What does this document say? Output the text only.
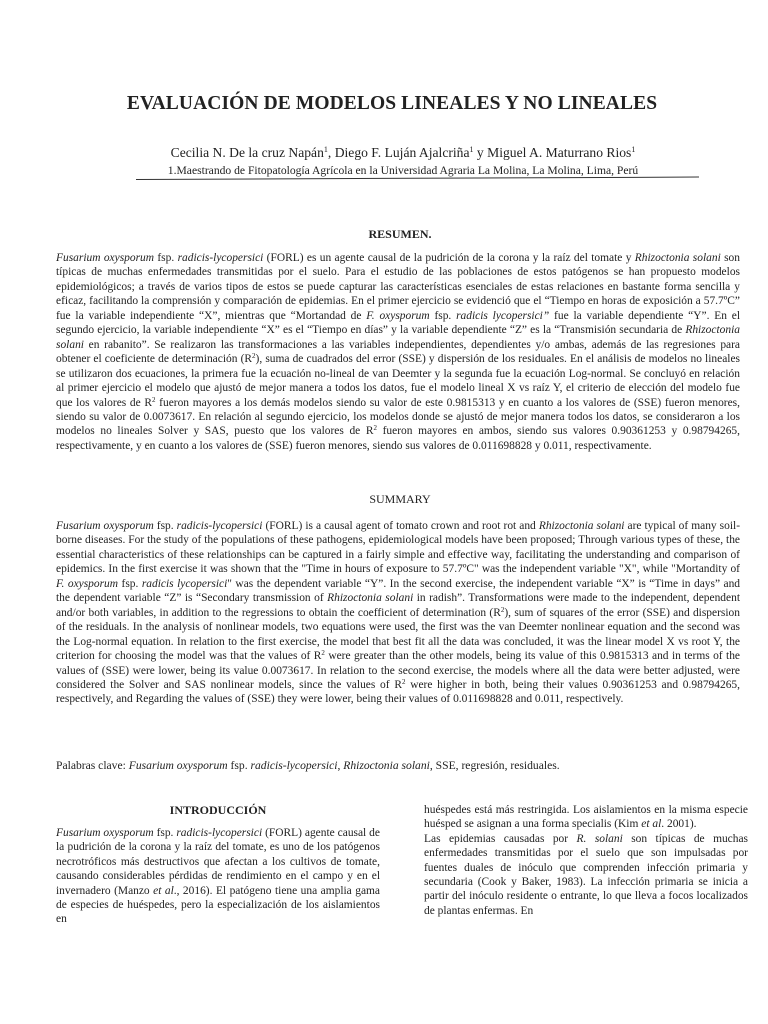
EVALUACIÓN DE MODELOS LINEALES Y NO LINEALES
Cecilia N. De la cruz Napán$^1$, Diego F. Luján Ajalcriña$^1$ y Miguel A. Maturrano Rios$^1$
1.Maestrando de Fitopatología Agrícola en la Universidad Agraria La Molina, La Molina, Lima, Perú
RESUMEN.

Fusarium oxysporum fsp. radicis-lycopersici (FORL) es un agente causal de la pudrición de la corona y la raíz del tomate y Rhizoctonia solani son típicas de muchas enfermedades transmitidas por el suelo. Para el estudio de las poblaciones de estos patógenos se han propuesto modelos epidemiológicos; a través de varios tipos de estos se puede capturar las características esenciales de estas relaciones en bastante forma sencilla y eficaz, facilitando la comprensión y comparación de epidemias. En el primer ejercicio se evidenció que el “Tiempo en horas de exposición a 57.7ºC” fue la variable independiente “X”, mientras que “Mortandad de F. oxysporum fsp. radicis lycopersici” fue la variable dependiente “Y”. En el segundo ejercicio, la variable independiente “X” es el “Tiempo en días” y la variable dependiente “Z” es la “Transmisión secundaria de Rhizoctonia solani en rabanito”. Se realizaron las transformaciones a las variables independientes, dependientes y/o ambas, además de las regresiones para obtener el coeficiente de determinación $(R^2)$, suma de cuadrados del error (SSE) y dispersión de los residuales. En el análisis de modelos no lineales se utilizaron dos ecuaciones, la primera fue la ecuación no-lineal de van Deemter y la segunda fue la ecuación Log-normal. Se concluyó en relación al primer ejercicio el modelo que ajustó de mejor manera a todos los datos, fue el modelo lineal X vs raíz Y, el criterio de elección del modelo fue que los valores de $R^2$ fueron mayores a los demás modelos siendo su valor de este 0.9815313 y en cuanto a los valores de (SSE) fueron menores, siendo su valor de 0.0073617. En relación al segundo ejercicio, los modelos donde se ajustó de mejor manera todos los datos, se consideraron a los modelos no lineales Solver y SAS, puesto que los valores de $R^2$ fueron mayores en ambos, siendo sus valores 0.90361253 y 0.98794265, respectivamente, y en cuanto a los valores de (SSE) fueron menores, siendo sus valores de 0.011698828 y 0.011, respectivamente.

SUMMARY

Fusarium oxysporum fsp. radicis-lycopersici (FORL) is a causal agent of tomato crown and root rot and Rhizoctonia solani are typical of many soil-borne diseases. For the study of the populations of these pathogens, epidemiological models have been proposed; Through various types of these, the essential characteristics of these relationships can be captured in a fairly simple and effective way, facilitating the understanding and comparison of epidemics. In the first exercise it was shown that the "Time in hours of exposure to 57.7ºC" was the independent variable "X", while "Mortandity of F. oxysporum fsp. radicis lycopersici" was the dependent variable “Y”. In the second exercise, the independent variable “X” is “Time in days” and the dependent variable “Z” is “Secondary transmission of Rhizoctonia solani in radish”. Transformations were made to the independent, dependent and/or both variables, in addition to the regressions to obtain the coefficient of determination $(R^2)$, sum of squares of the error (SSE) and dispersion of the residuals. In the analysis of nonlinear models, two equations were used, the first was the van Deemter nonlinear equation and the second was the Log-normal equation. In relation to the first exercise, the model that best fit all the data was concluded, it was the linear model X vs root Y, the criterion for choosing the model was that the values of $R^2$ were greater than the other models, being its value of this 0.9815313 and in terms of the values of (SSE) were lower, being its value 0.0073617. In relation to the second exercise, the models where all the data were better adjusted, were considered the Solver and SAS nonlinear models, since the values of $R^2$ were higher in both, being their values 0.90361253 and 0.98794265, respectively, and Regarding the values of (SSE) they were lower, being their values of 0.011698828 and 0.011, respectively.

Palabras clave: Fusarium oxysporum fsp. radicis-lycopersici, Rhizoctonia solani, SSE, regresión, residuales.

INTRODUCCIÓN

Fusarium oxysporum fsp. radicis-lycopersici (FORL) agente causal de la pudrición de la corona y la raíz del tomate, es uno de los patógenos necrotróficos más destructivos que afectan a los cultivos de tomate, causando considerables pérdidas de rendimiento en el campo y en el invernadero (Manzo et al., 2016). El patógeno tiene una amplia gama de especies de huéspedes, pero la especialización de los aislamientos en

huéspedes está más restringida. Los aislamientos en la misma especie huésped se asignan a una forma specialis (Kim et al. 2001).

Las epidemias causadas por R. solani son típicas de muchas enfermedades transmitidas por el suelo que son impulsadas por fuentes duales de inóculo que comprenden infección primaria y secundaria (Cook y Baker, 1983). La infección primaria se inicia a partir del inóculo residente o entrante, lo que lleva a focos localizados de plantas enfermas. En
